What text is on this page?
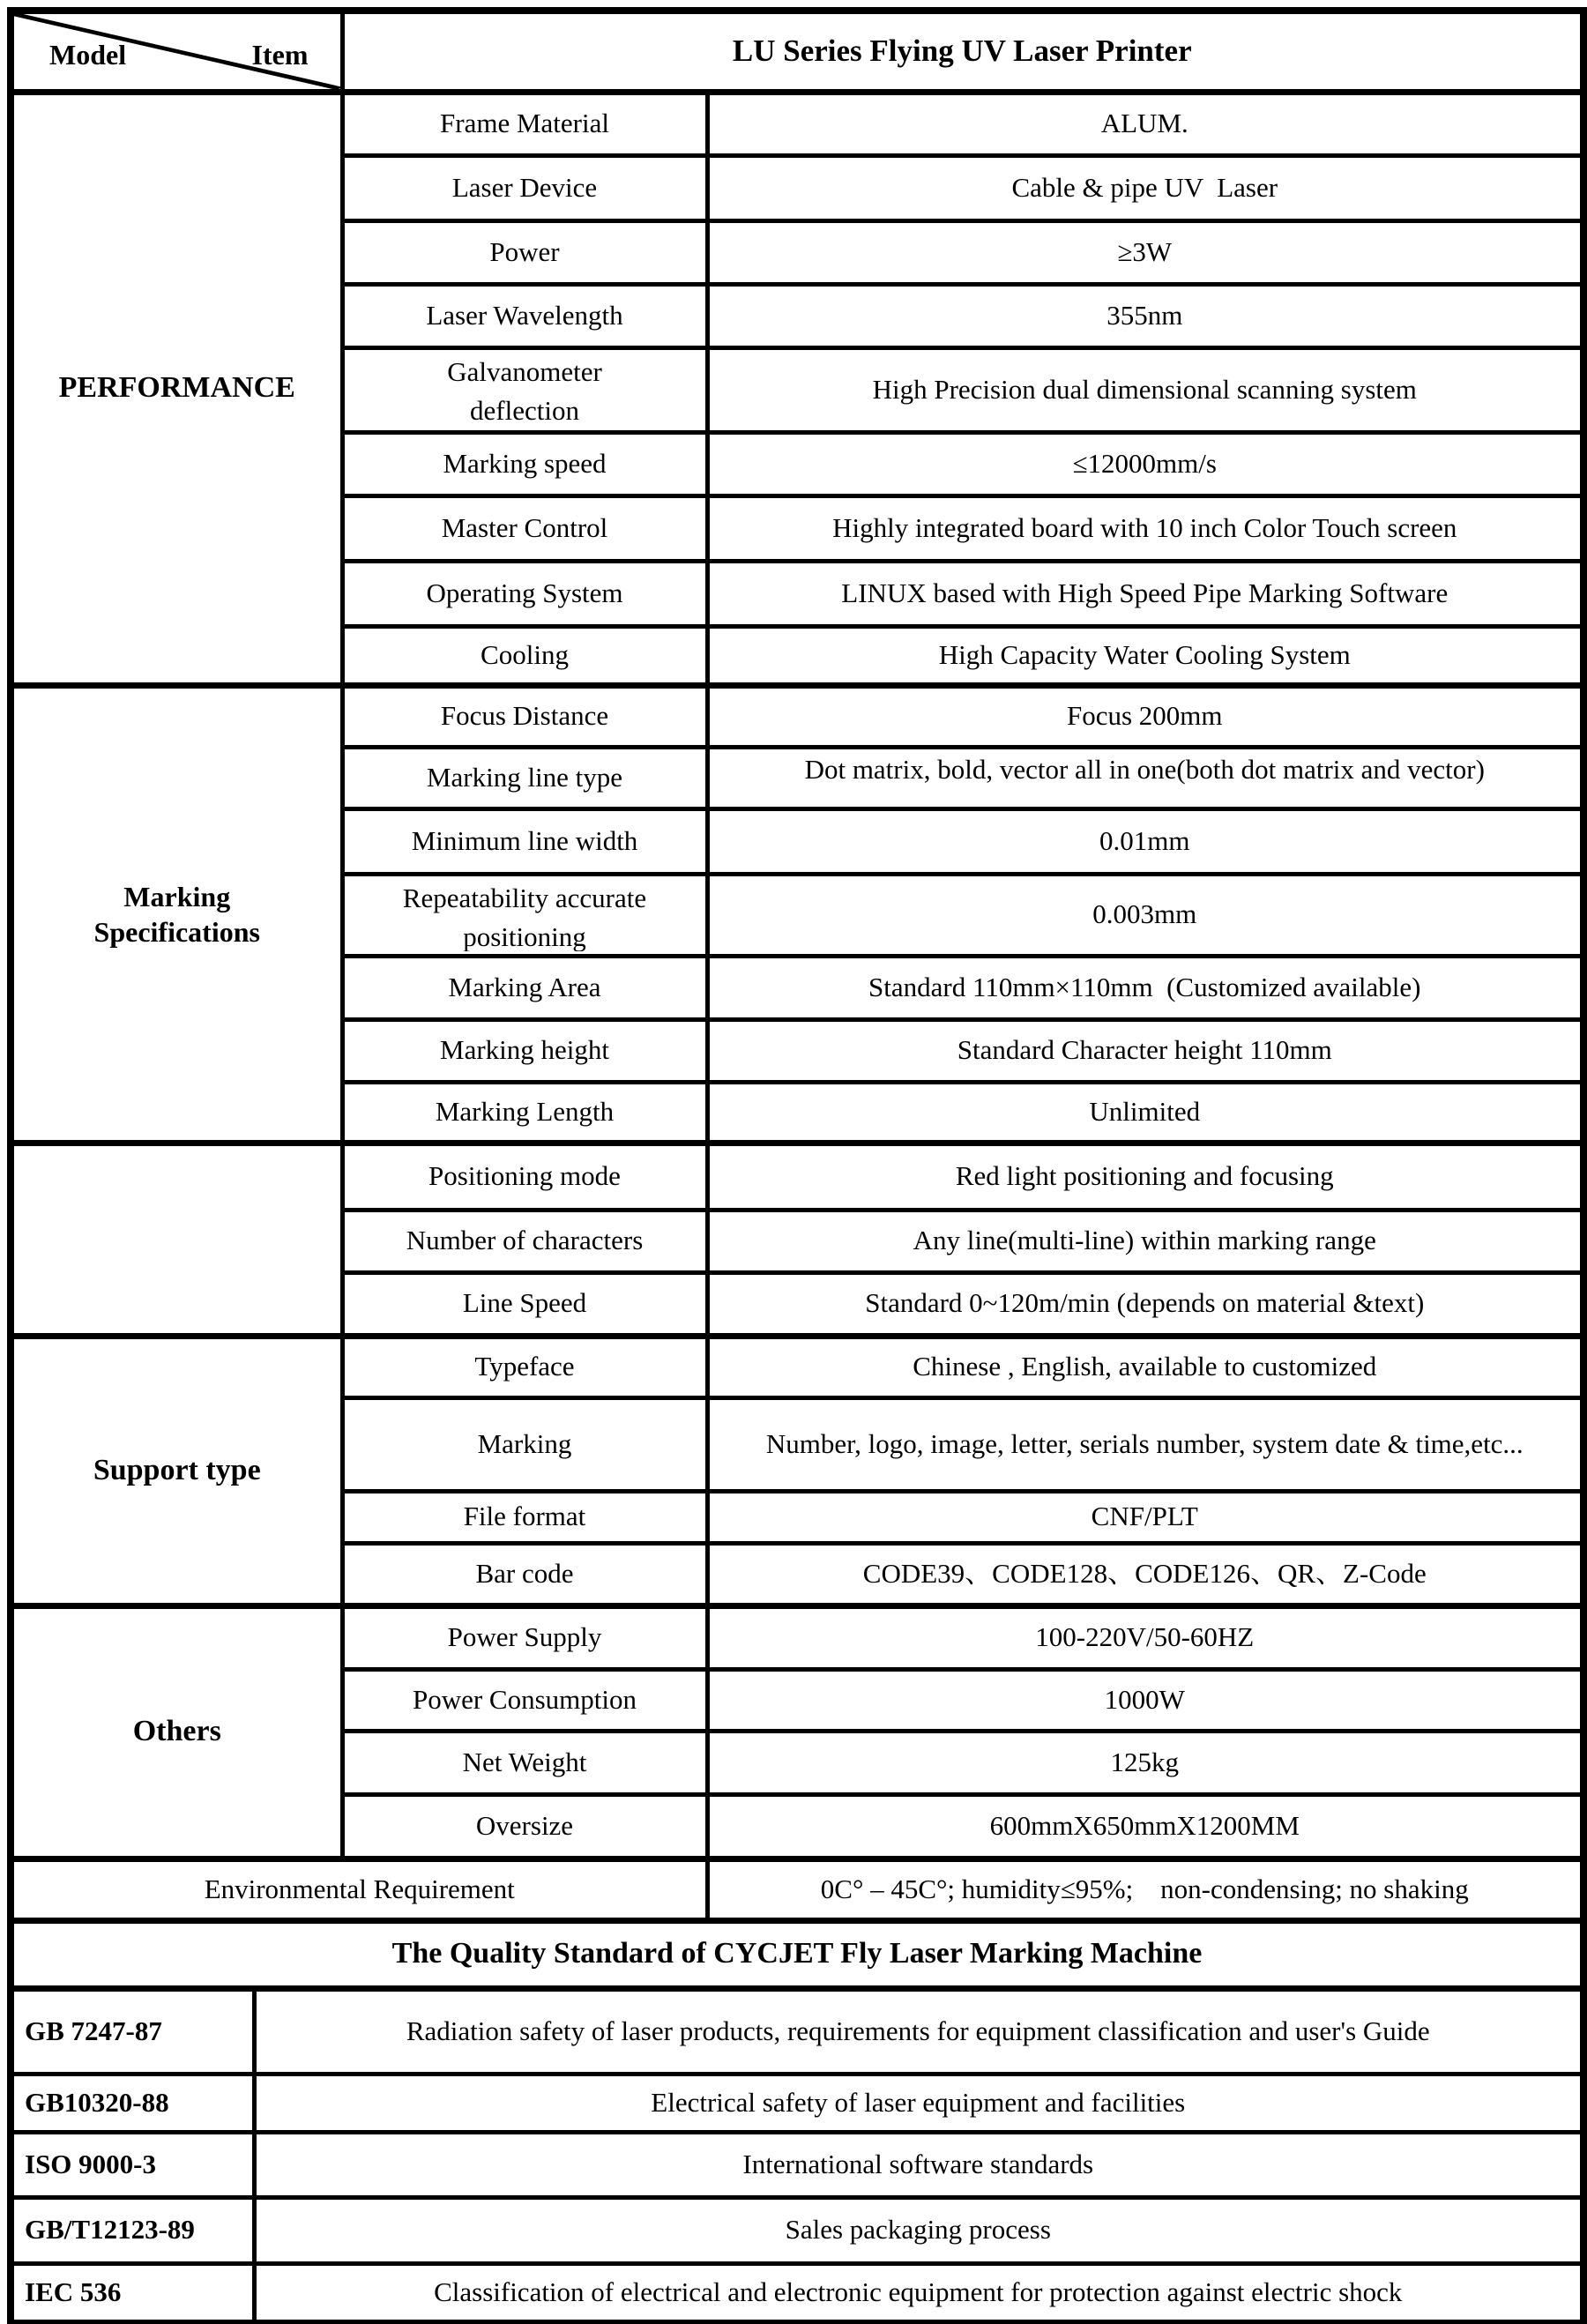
Model Item		LU Series Flying UV Laser Printer	
PERFORMANCE		Frame Material	ALUM.
		Laser Device	Cable & pipe UV  Laser
		Power	≥3W
		Laser Wavelength	355nm

		Galvanometer deflection	High Precision dual dimensional scanning system
		Marking speed	≤12000mm/s
		Master Control	Highly integrated board with 10 inch Color Touch screen
		Operating System	LINUX based with High Speed Pipe Marking Software
		Cooling	High Capacity Water Cooling System

Marking Specifications		Focus Distance	Focus 200mm
		Marking line type	Dot matrix, bold, vector all in one(both dot matrix and vector)

		Minimum line width	0.01mm

		Repeatability accurate positioning	0.003mm
		Marking Area	Standard 110mm×110mm  (Customized available)
		Marking height	Standard Character height 110mm
		Marking Length	Unlimited
		Positioning mode	Red light positioning and focusing
		Number of characters	Any line(multi-line) within marking range
		Line Speed	Standard 0~120m/min (depends on material &text)
Support type		Typeface	Chinese , English, available to customized
		Marking	Number, logo, image, letter, serials number, system date & time,etc...

		File format	CNF/PLT
		Bar code	CODE39、CODE128、CODE126、QR、Z-Code
Others		Power Supply	100-220V/50-60HZ
		Power Consumption	1000W
		Net Weight	125kg
		Oversize	600mmX650mmX1200MM
Environmental Requirement			0C° – 45C°; humidity≤95%;    non-condensing; no shaking
The Quality Standard of CYCJET Fly Laser Marking Machine			
GB 7247-87	Radiation safety of laser products, requirements for equipment classification and user's Guide		

GB10320-88	Electrical safety of laser equipment and facilities		
ISO 9000-3	International software standards		
GB/T12123-89	Sales packaging process		
IEC 536	Classification of electrical and electronic equipment for protection against electric shock		
